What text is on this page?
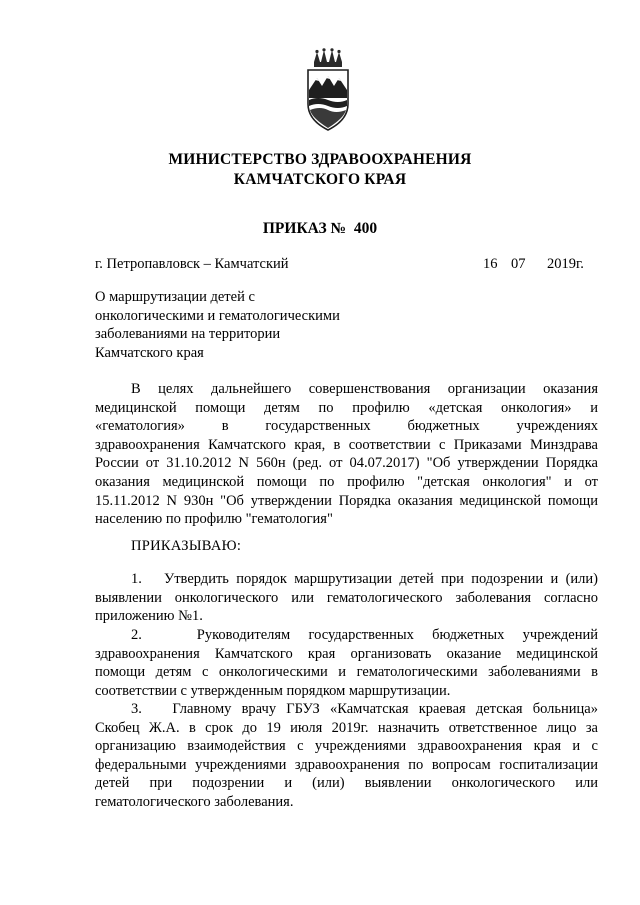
МИНИСТЕРСТВО ЗДРАВООХРАНЕНИЯ
КАМЧАТСКОГО КРАЯ
ПРИКАЗ №  400
г. Петропавловск – Камчатский	16 07 2019г.
О маршрутизации детей с
онкологическими и гематологическими
заболеваниями на территории
Камчатского края
В целях дальнейшего совершенствования организации оказания
медицинской помощи детям по профилю «детская онкология» и
«гематология» в государственных бюджетных учреждениях
здравоохранения Камчатского края, в соответствии с Приказами Минздрава
России от 31.10.2012 N 560н (ред. от 04.07.2017) "Об утверждении Порядка
оказания медицинской помощи по профилю "детская онкология" и от
15.11.2012 N 930н "Об утверждении Порядка оказания медицинской помощи
населению по профилю "гематология"
ПРИКАЗЫВАЮ:
1.   Утвердить порядок маршрутизации детей при подозрении и (или)
выявлении онкологического или гематологического заболевания согласно
приложению №1.
2.   Руководителям государственных бюджетных учреждений
здравоохранения Камчатского края организовать оказание медицинской
помощи детям с онкологическими и гематологическими заболеваниями в
соответствии с утвержденным порядком маршрутизации.
3.   Главному врачу ГБУЗ «Камчатская краевая детская больница»
Скобец Ж.А. в срок до 19 июля 2019г. назначить ответственное лицо за
организацию взаимодействия с учреждениями здравоохранения края и с
федеральными учреждениями здравоохранения по вопросам госпитализации
детей при подозрении и (или) выявлении онкологического или
гематологического заболевания.
